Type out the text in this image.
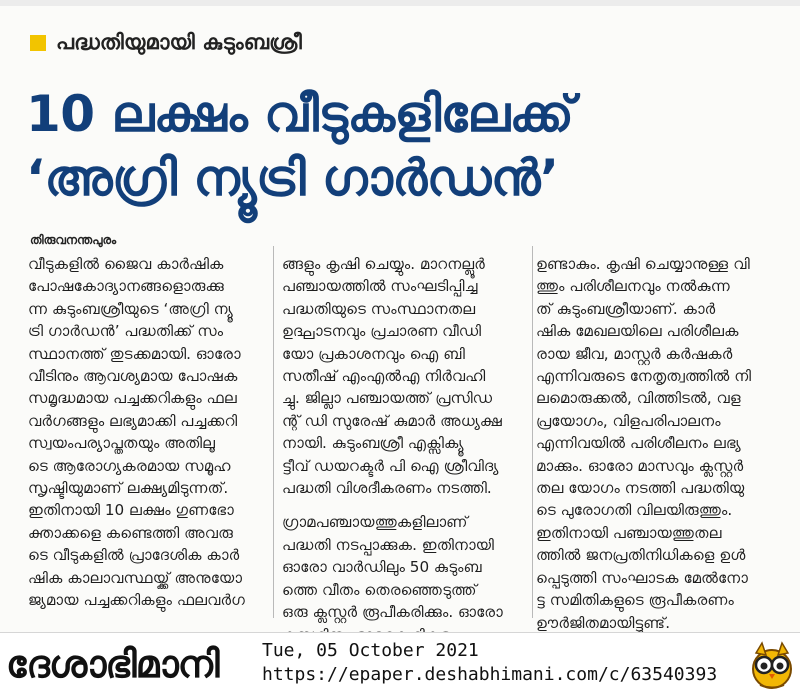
പദ്ധതിയുമായി കുടുംബശ്രീ
10 ലക്ഷം വീടുകളിലേക്ക്
‘അഗ്രി ന്യൂട്രി ഗാർഡൻ’
തിരുവനന്തപുരം

വീടുകളിൽ ജൈവ കാർഷിക

പോഷകോദ്യാനങ്ങളൊരുക്കു

ന്ന കുടുംബശ്രീയുടെ ‘അഗ്രി ന്യൂ

ട്രി ഗാർഡൻ’ പദ്ധതിക്ക് സം

സ്ഥാനത്ത് തുടക്കമായി. ഓരോ

വീടിനും ആവശ്യമായ പോഷക

സമൃദ്ധമായ പച്ചക്കറികളും ഫല

വർഗങ്ങളും ലഭ്യമാക്കി പച്ചക്കറി

സ്വയംപര്യാപ്തതയും അതിലൂ

ടെ ആരോഗ്യകരമായ സമൂഹ

സൃഷ്ടിയുമാണ് ലക്ഷ്യമിടുന്നത്.

ഇതിനായി 10 ലക്ഷം ഗുണഭോ

ക്താക്കളെ കണ്ടെത്തി അവരു

ടെ വീടുകളിൽ പ്രാദേശിക കാർ

ഷിക കാലാവസ്ഥയ്ക്ക് അനുയോ

ജ്യമായ പച്ചക്കറികളും ഫലവർഗ

ങ്ങളും കൃഷി ചെയ്യും. മാറനല്ലൂർ

പഞ്ചായത്തിൽ സംഘടിപ്പിച്ച

പദ്ധതിയുടെ സംസ്ഥാനതല

ഉദ്ഘാടനവും പ്രചാരണ വീഡി

യോ പ്രകാശനവും ഐ ബി

സതീഷ് എംഎൽഎ നിർവഹി

ച്ചു. ജില്ലാ പഞ്ചായത്ത് പ്രസിഡ

ന്റ് ഡി സുരേഷ് കുമാർ അധ്യക്ഷ

നായി. കുടുംബശ്രീ എക്സിക്യൂ

ട്ടീവ് ഡയറക്ടർ പി ഐ ശ്രീവിദ്യ

പദ്ധതി വിശദീകരണം നടത്തി.

ഗ്രാമപഞ്ചായത്തുകളിലാണ്

പദ്ധതി നടപ്പാക്കുക. ഇതിനായി

ഓരോ വാർഡിലും 50 കുടുംബ

ത്തെ വീതം തെരഞ്ഞെടുത്ത്

ഒരു ക്ലസ്റ്റർ രൂപീകരിക്കും. ഓരോ

ഉണ്ടാകും. കൃഷി ചെയ്യാനുള്ള വി

ത്തും പരിശീലനവും നൽകുന്ന

ത് കുടുംബശ്രീയാണ്. കാർ

ഷിക മേഖലയിലെ പരിശീലക

രായ ജീവ, മാസ്റ്റർ കർഷകർ

എന്നിവരുടെ നേതൃത്വത്തിൽ നി

ലമൊരുക്കൽ, വിത്തിടൽ, വള

പ്രയോഗം, വിളപരിപാലനം

എന്നിവയിൽ പരിശീലനം ലഭ്യ

മാക്കും. ഓരോ മാസവും ക്ലസ്റ്റർ

തല യോഗം നടത്തി പദ്ധതിയു

ടെ പുരോഗതി വിലയിരുത്തും.

ഇതിനായി പഞ്ചായത്തുതല

ത്തിൽ ജനപ്രതിനിധികളെ ഉൾ

പ്പെടുത്തി സംഘാടക മേൽനോ

ട്ട സമിതികളുടെ രൂപീകരണം

ഊർജിതമായിട്ടുണ്ട്.

ദേശാഭിമാനി Tue, 05 October 2021
https://epaper.deshabhimani.com/c/63540393
